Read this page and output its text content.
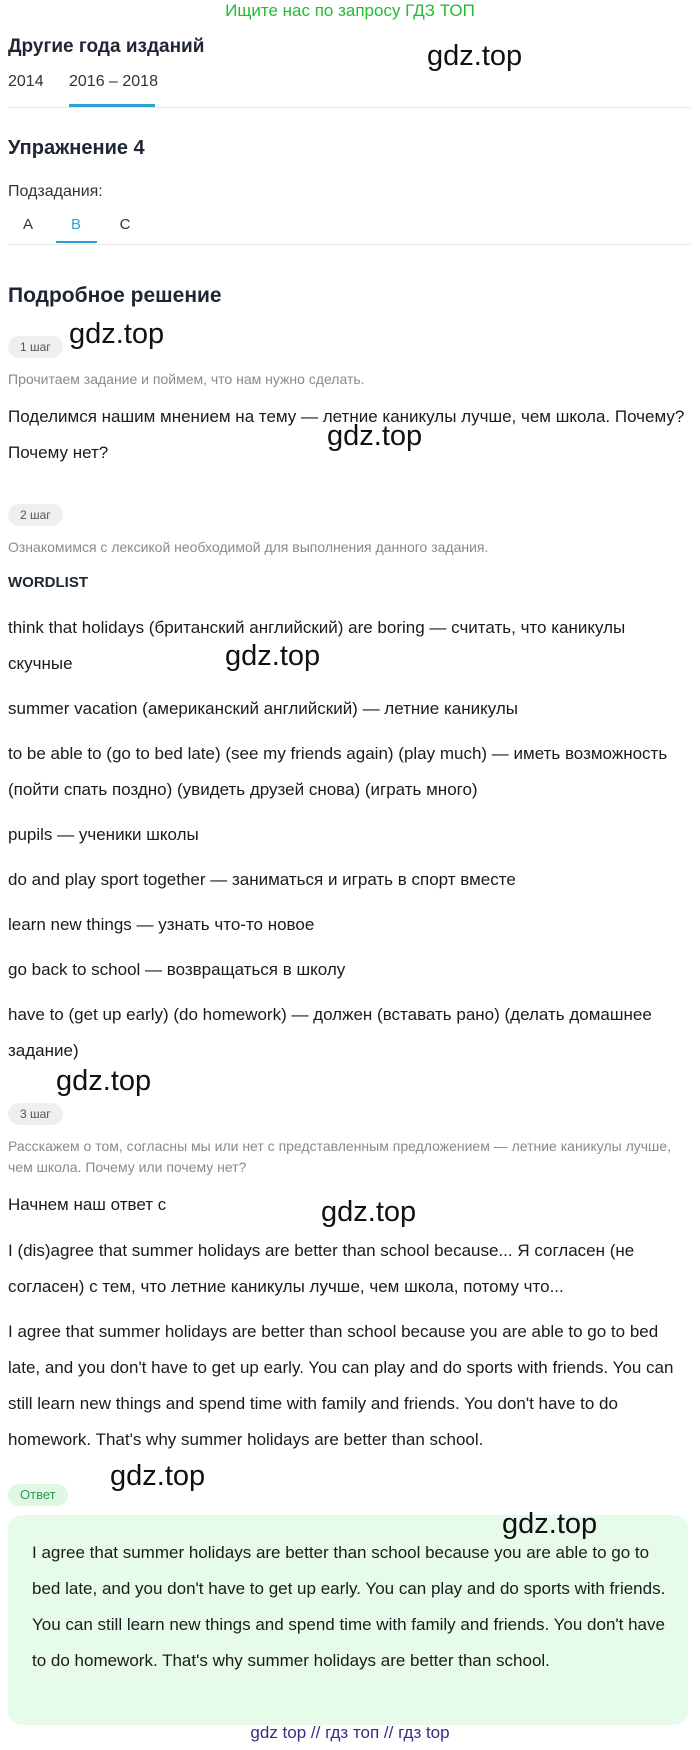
Ищите нас по запросу ГДЗ ТОП
Другие года изданий
2014 2016 – 2018
Упражнение 4
Подзадания:
A	B	C
Подробное решение
1 шаг
Прочитаем задание и поймем, что нам нужно сделать.
Поделимся нашим мнением на тему — летние каникулы лучше, чем школа. Почему? Почему нет?
2 шаг
Ознакомимся с лексикой необходимой для выполнения данного задания.
WORDLIST
think that holidays (британский английский) are boring — считать, что каникулы скучные
summer vacation (американский английский) — летние каникулы
to be able to (go to bed late) (see my friends again) (play much) — иметь возможность (пойти спать поздно) (увидеть друзей снова) (играть много)
pupils — ученики школы
do and play sport together — заниматься и играть в спорт вместе
learn new things — узнать что-то новое
go back to school — возвращаться в школу
have to (get up early) (do homework) — должен (вставать рано) (делать домашнее задание)
3 шаг
Расскажем о том, согласны мы или нет с представленным предложением — летние каникулы лучше, чем школа. Почему или почему нет?
Начнем наш ответ с
I (dis)agree that summer holidays are better than school because... Я согласен (не согласен) с тем, что летние каникулы лучше, чем школа, потому что...
I agree that summer holidays are better than school because you are able to go to bed late, and you don't have to get up early. You can play and do sports with friends. You can still learn new things and spend time with family and friends. You don't have to do homework. That's why summer holidays are better than school.
Ответ
I agree that summer holidays are better than school because you are able to go to bed late, and you don't have to get up early. You can play and do sports with friends. You can still learn new things and spend time with family and friends. You don't have to do homework. That's why summer holidays are better than school.
gdz.top
gdz.top
gdz.top
gdz.top
gdz.top
gdz.top
gdz.top
gdz.top
gdz top // гдз топ // гдз top
